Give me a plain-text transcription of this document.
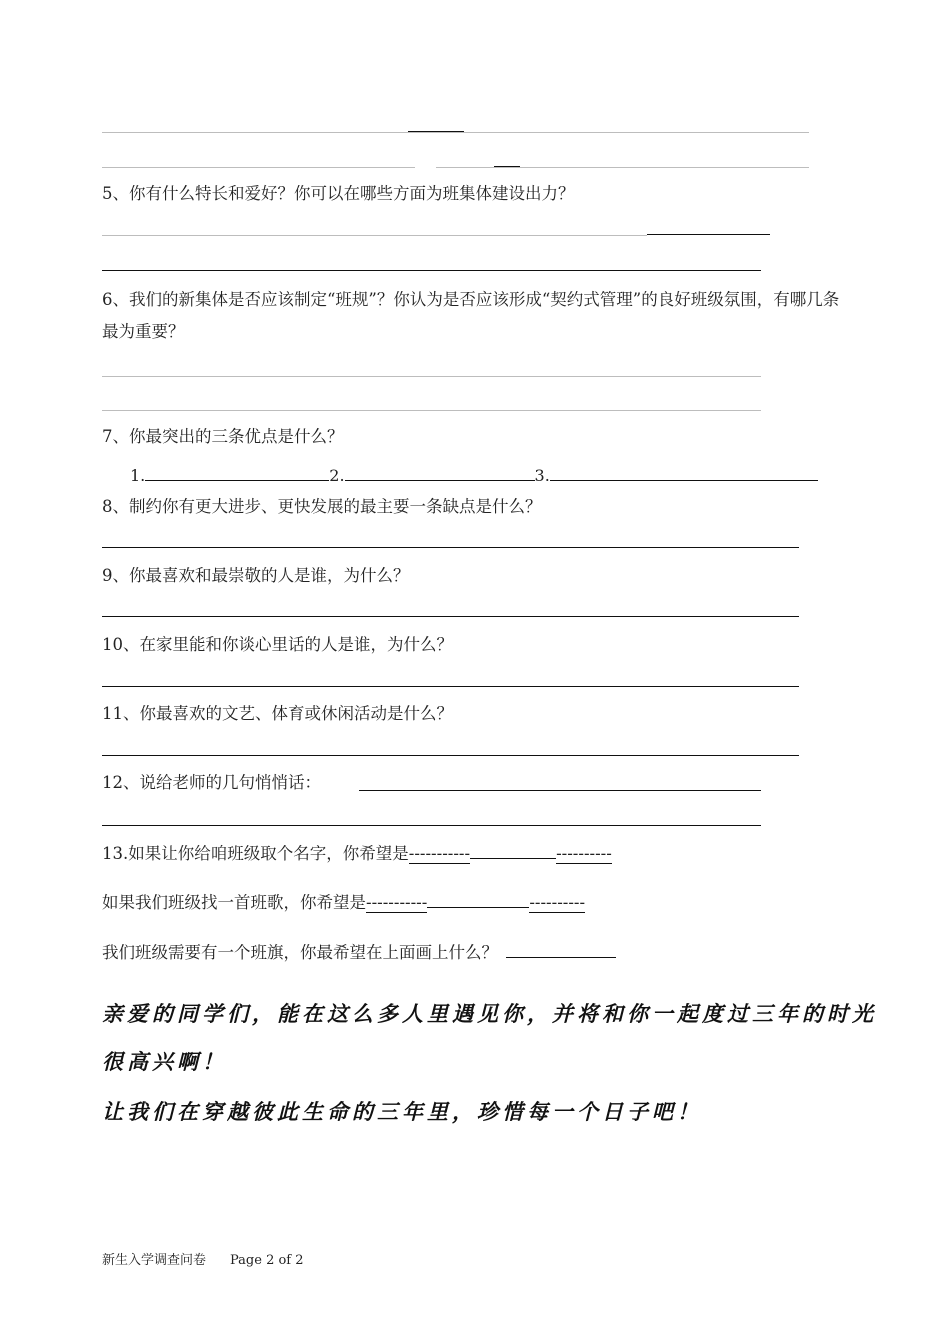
5、你有什么特长和爱好？你可以在哪些方面为班集体建设出力？
6、我们的新集体是否应该制定“班规”？你认为是否应该形成“契约式管理”的良好班级氛围，有哪几条最为重要？
7、你最突出的三条优点是什么？
1.	2.	3.
8、制约你有更大进步、更快发展的最主要一条缺点是什么？
9、你最喜欢和最崇敬的人是谁，为什么？
10、在家里能和你谈心里话的人是谁，为什么？
11、你最喜欢的文艺、体育或休闲活动是什么？
12、说给老师的几句悄悄话：
13.如果让你给咱班级取个名字，你希望是-----------	----------
如果我们班级找一首班歌，你希望是-----------	----------
我们班级需要有一个班旗，你最希望在上面画上什么？
亲爱的同学们，能在这么多人里遇见你，并将和你一起度过三年的时光
很高兴啊！
让我们在穿越彼此生命的三年里，珍惜每一个日子吧！
新生入学调查问卷 Page 2 of 2
